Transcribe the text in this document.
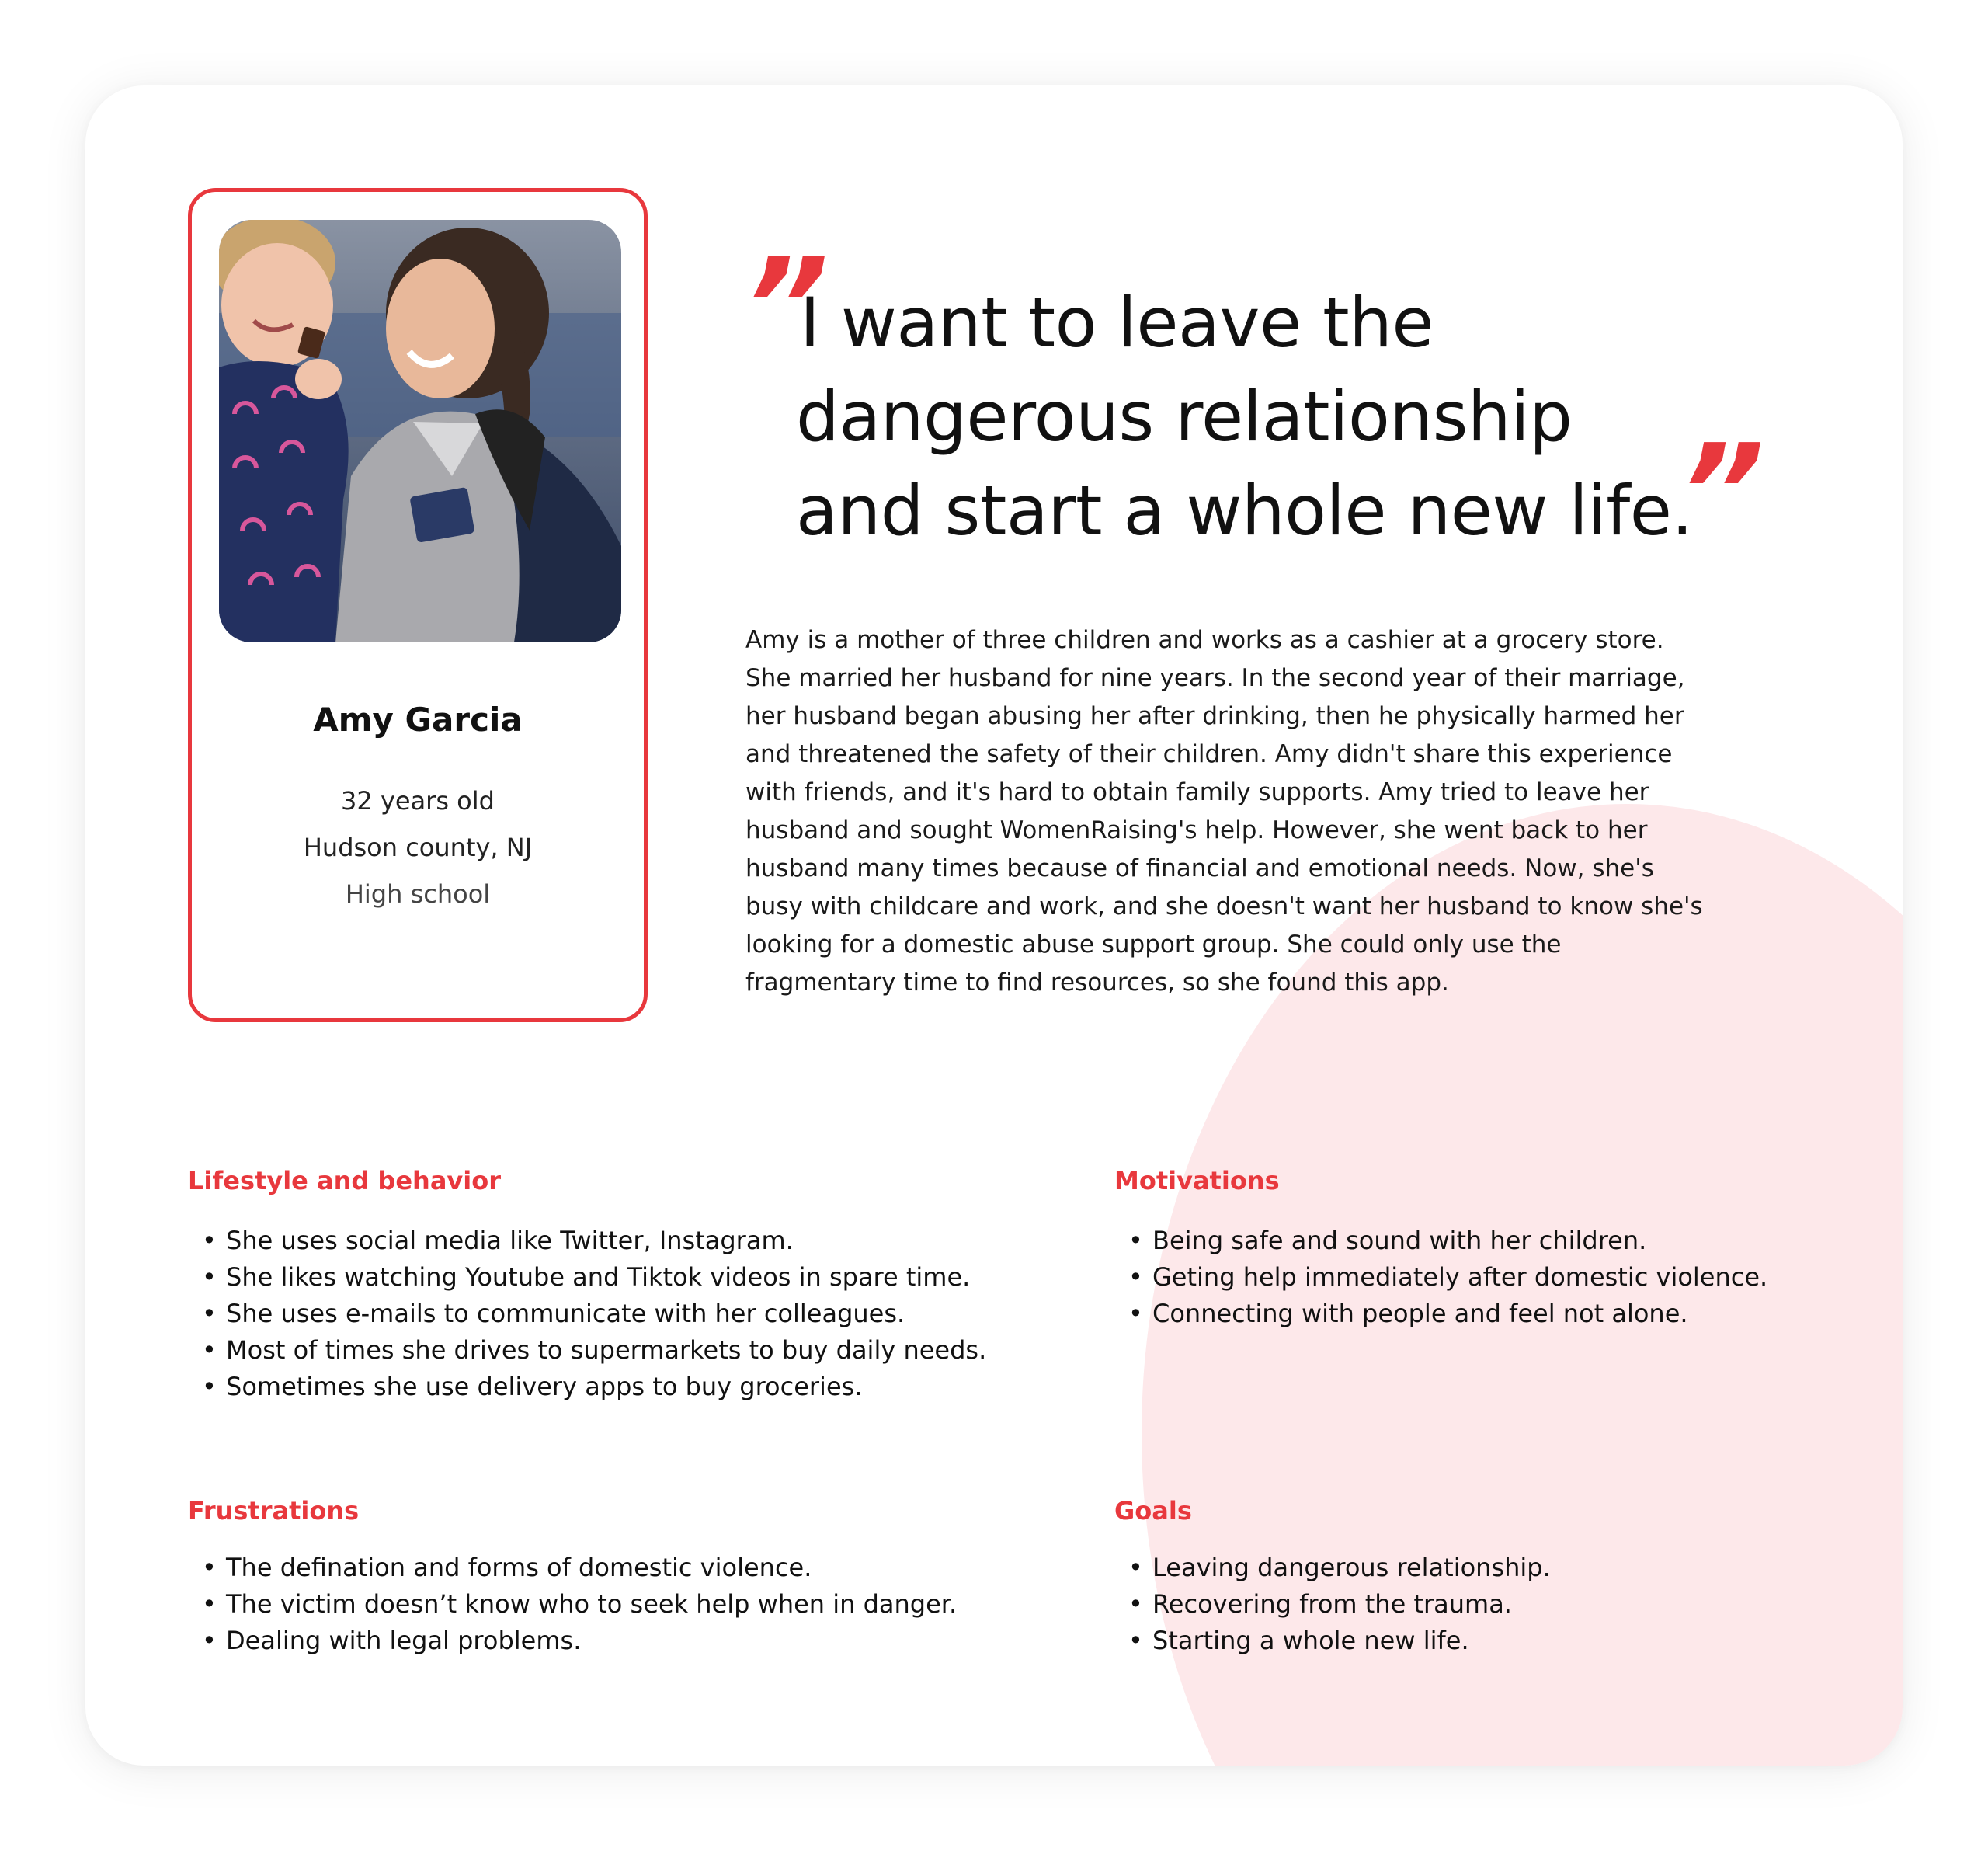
Amy Garcia
32 years old
Hudson county, NJ
High school
”
”
I want to leave the
dangerous relationship
and start a whole new life.
Amy is a mother of three children and works as a cashier at a grocery store.
She married her husband for nine years. In the second year of their marriage,
her husband began abusing her after drinking, then he physically harmed her
and threatened the safety of their children. Amy didn't share this experience
with friends, and it's hard to obtain family supports. Amy tried to leave her
husband and sought WomenRaising's help. However, she went back to her
husband many times because of financial and emotional needs. Now, she's
busy with childcare and work, and she doesn't want her husband to know she's
looking for a domestic abuse support group. She could only use the
fragmentary time to find resources, so she found this app.
Lifestyle and behavior
• She uses social media like Twitter, Instagram.
• She likes watching Youtube and Tiktok videos in spare time.
• She uses e-mails to communicate with her colleagues.
• Most of times she drives to supermarkets to buy daily needs.
• Sometimes she use delivery apps to buy groceries.
Motivations
• Being safe and sound with her children.
• Geting help immediately after domestic violence.
• Connecting with people and feel not alone.
Frustrations
• The defination and forms of domestic violence.
• The victim doesn’t know who to seek help when in danger.
• Dealing with legal problems.
Goals
• Leaving dangerous relationship.
• Recovering from the trauma.
• Starting a whole new life.
